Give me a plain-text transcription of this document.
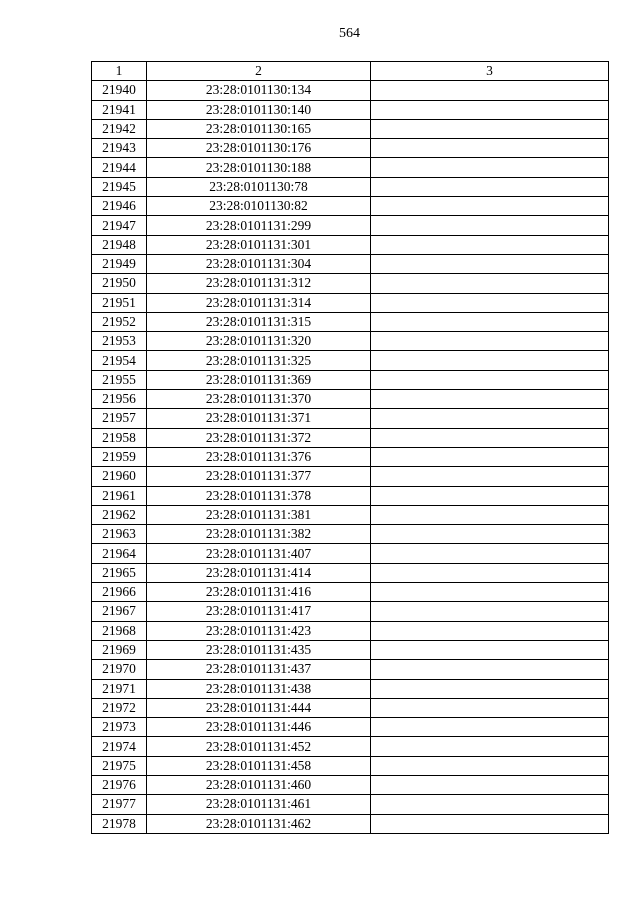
564
1	2	3
21940	23:28:0101130:134	
21941	23:28:0101130:140	
21942	23:28:0101130:165	
21943	23:28:0101130:176	
21944	23:28:0101130:188	
21945	23:28:0101130:78	
21946	23:28:0101130:82	
21947	23:28:0101131:299	
21948	23:28:0101131:301	
21949	23:28:0101131:304	
21950	23:28:0101131:312	
21951	23:28:0101131:314	
21952	23:28:0101131:315	
21953	23:28:0101131:320	
21954	23:28:0101131:325	
21955	23:28:0101131:369	
21956	23:28:0101131:370	
21957	23:28:0101131:371	
21958	23:28:0101131:372	
21959	23:28:0101131:376	
21960	23:28:0101131:377	
21961	23:28:0101131:378	
21962	23:28:0101131:381	
21963	23:28:0101131:382	
21964	23:28:0101131:407	
21965	23:28:0101131:414	
21966	23:28:0101131:416	
21967	23:28:0101131:417	
21968	23:28:0101131:423	
21969	23:28:0101131:435	
21970	23:28:0101131:437	
21971	23:28:0101131:438	
21972	23:28:0101131:444	
21973	23:28:0101131:446	
21974	23:28:0101131:452	
21975	23:28:0101131:458	
21976	23:28:0101131:460	
21977	23:28:0101131:461	
21978	23:28:0101131:462	
